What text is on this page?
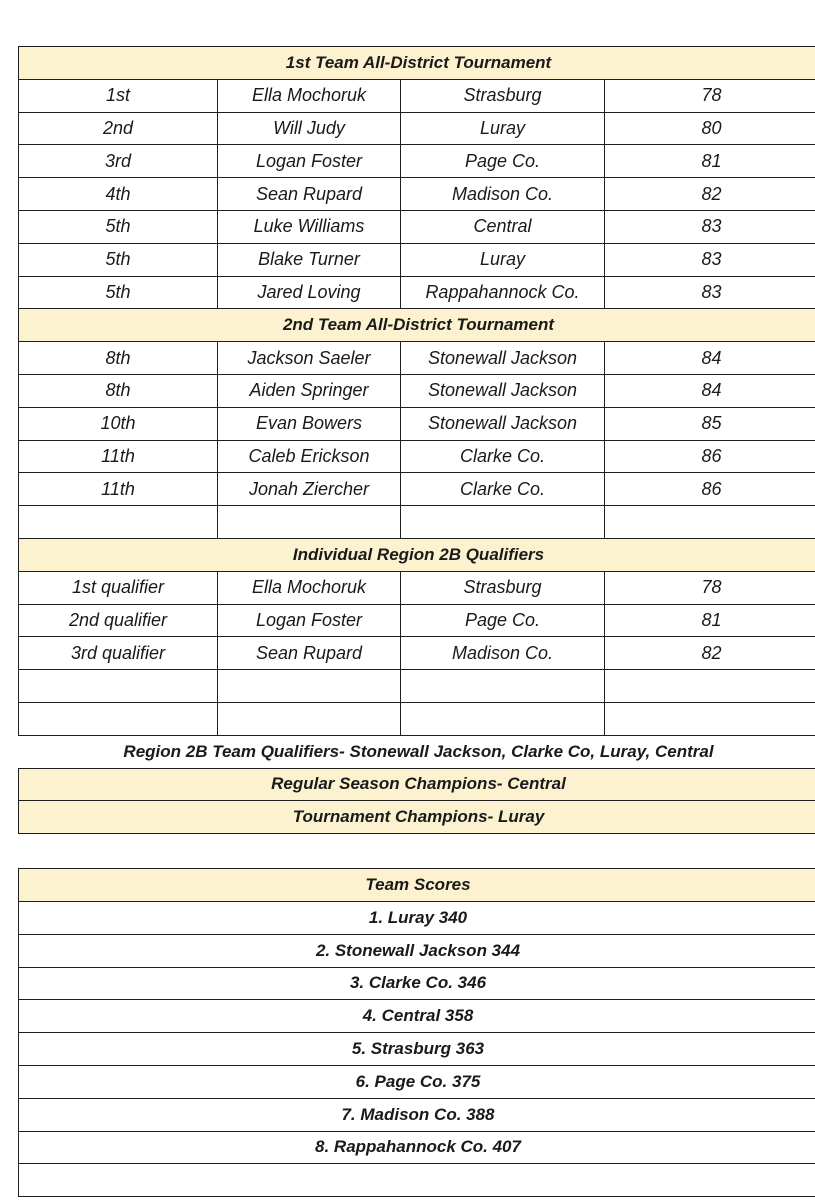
1st Team All-District Tournament			
1st	Ella Mochoruk	Strasburg	78
2nd	Will Judy	Luray	80
3rd	Logan Foster	Page Co.	81
4th	Sean Rupard	Madison Co.	82
5th	Luke Williams	Central	83
5th	Blake Turner	Luray	83
5th	Jared Loving	Rappahannock Co.	83
2nd Team All-District Tournament			
8th	Jackson Saeler	Stonewall Jackson	84
8th	Aiden Springer	Stonewall Jackson	84
10th	Evan Bowers	Stonewall Jackson	85
11th	Caleb Erickson	Clarke Co.	86
11th	Jonah Ziercher	Clarke Co.	86

Individual Region 2B Qualifiers			
1st qualifier	Ella Mochoruk	Strasburg	78
2nd qualifier	Logan Foster	Page Co.	81
3rd qualifier	Sean Rupard	Madison Co.	82

Region 2B Team Qualifiers- Stonewall Jackson, Clarke Co, Luray, Central			
Regular Season Champions- Central			
Tournament Champions- Luray			
Team Scores
1. Luray 340
2. Stonewall Jackson 344
3. Clarke Co. 346
4. Central 358
5. Strasburg 363
6. Page Co. 375
7. Madison Co. 388
8. Rappahannock Co. 407
